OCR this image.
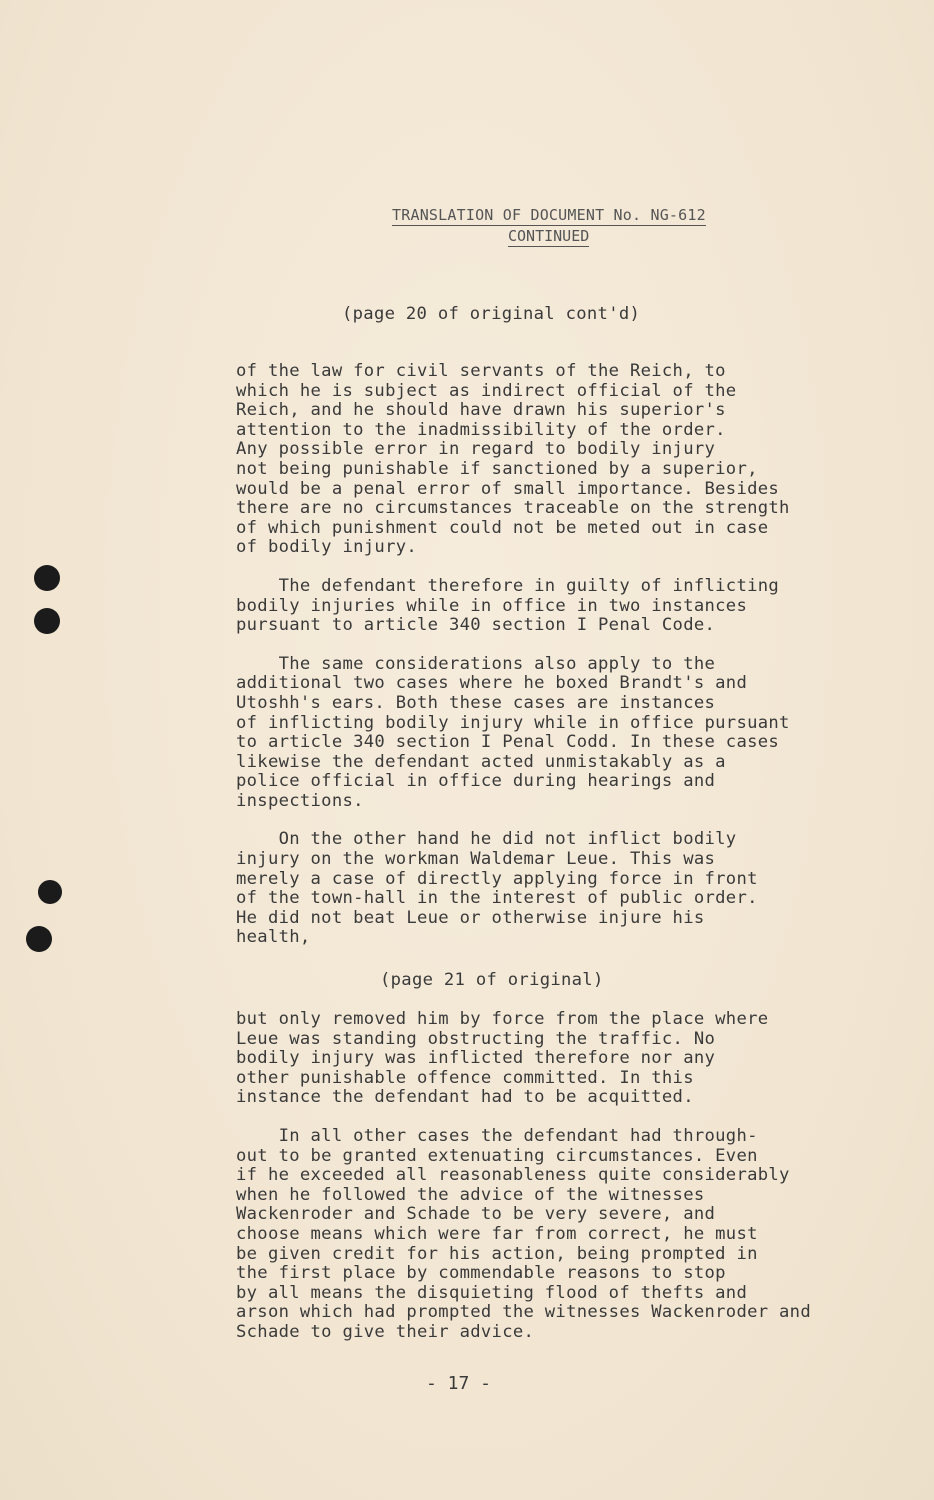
TRANSLATION OF DOCUMENT No. NG-612
CONTINUED
(page 20 of original cont'd)
of the law for civil servants of the Reich, to
which he is subject as indirect official of the
Reich, and he should have drawn his superior's
attention to the inadmissibility of the order.
Any possible error in regard to bodily injury
not being punishable if sanctioned by a superior,
would be a penal error of small importance. Besides
there are no circumstances traceable on the strength
of which punishment could not be meted out in case
of bodily injury.
The defendant therefore in guilty of inflicting
bodily injuries while in office in two instances
pursuant to article 340 section I Penal Code.
The same considerations also apply to the
additional two cases where he boxed Brandt's and
Utoshh's ears. Both these cases are instances
of inflicting bodily injury while in office pursuant
to article 340 section I Penal Codd. In these cases
likewise the defendant acted unmistakably as a
police official in office during hearings and
inspections.
On the other hand he did not inflict bodily
injury on the workman Waldemar Leue. This was
merely a case of directly applying force in front
of the town-hall in the interest of public order.
He did not beat Leue or otherwise injure his
health,
(page 21 of original)
but only removed him by force from the place where
Leue was standing obstructing the traffic. No
bodily injury was inflicted therefore nor any
other punishable offence committed. In this
instance the defendant had to be acquitted.
In all other cases the defendant had through-
out to be granted extenuating circumstances. Even
if he exceeded all reasonableness quite considerably
when he followed the advice of the witnesses
Wackenroder and Schade to be very severe, and
choose means which were far from correct, he must
be given credit for his action, being prompted in
the first place by commendable reasons to stop
by all means the disquieting flood of thefts and
arson which had prompted the witnesses Wackenroder and
Schade to give their advice.
- 17 -
